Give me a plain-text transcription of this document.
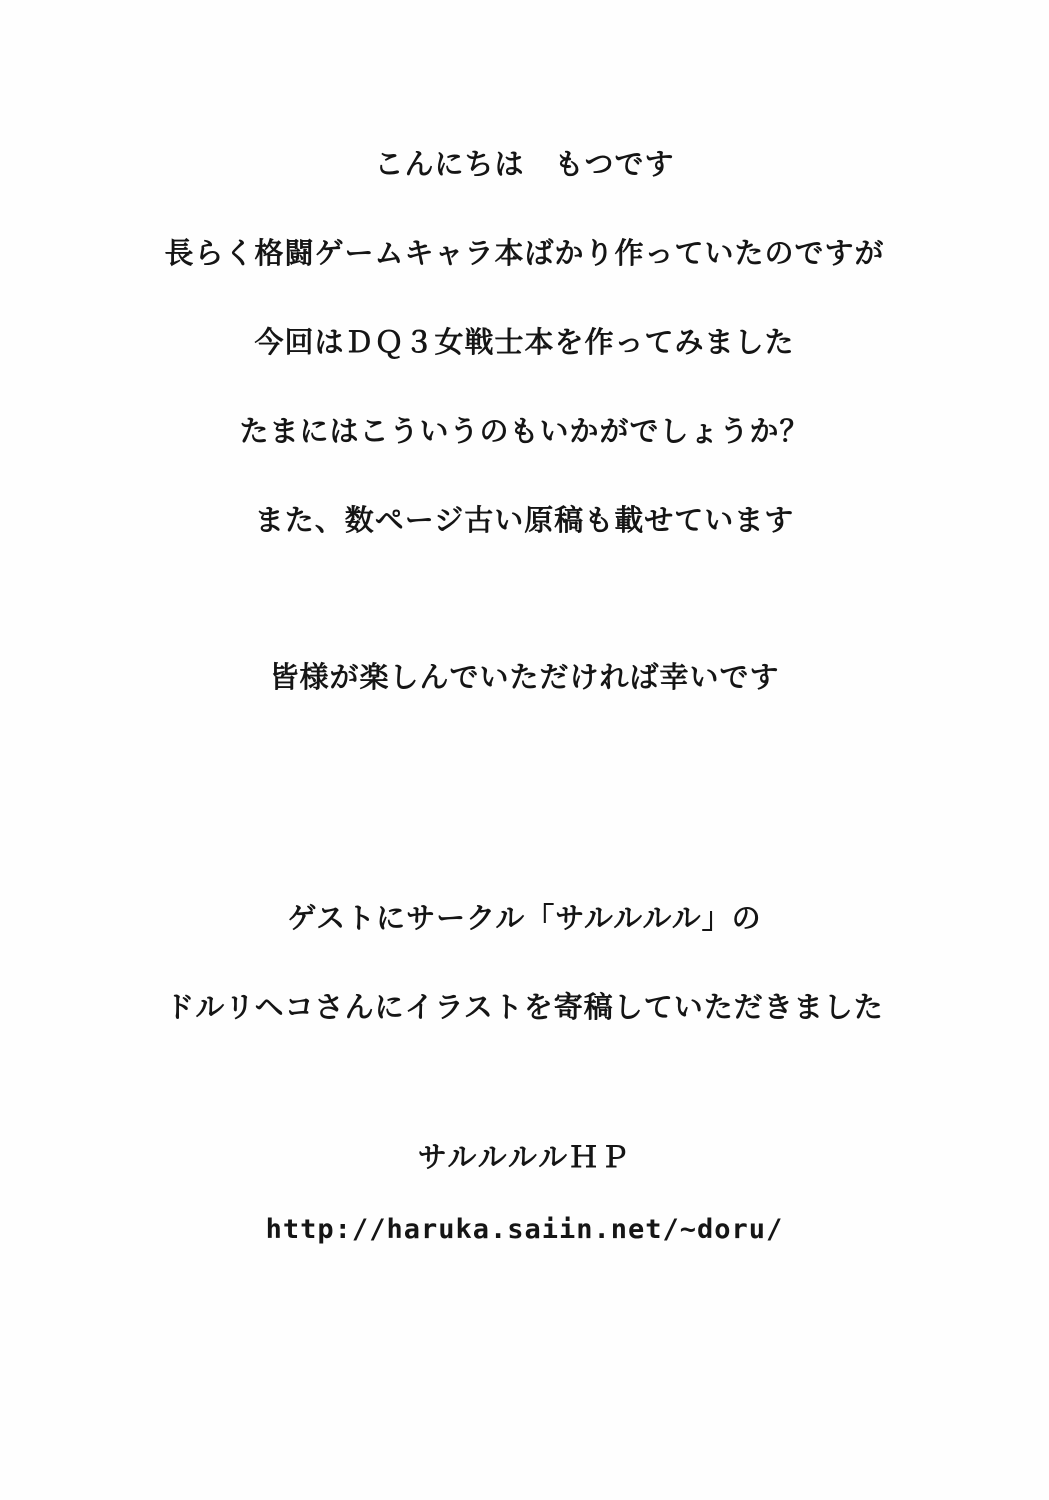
こんにちは　もつです

長らく格闘ゲームキャラ本ばかり作っていたのですが

今回はＤＱ３女戦士本を作ってみました

たまにはこういうのもいかがでしょうか？

また、数ページ古い原稿も載せています

皆様が楽しんでいただければ幸いです

ゲストにサークル「サルルルル」の

ドルリヘコさんにイラストを寄稿していただきました

サルルルルＨＰ

http://haruka.saiin.net/~doru/
